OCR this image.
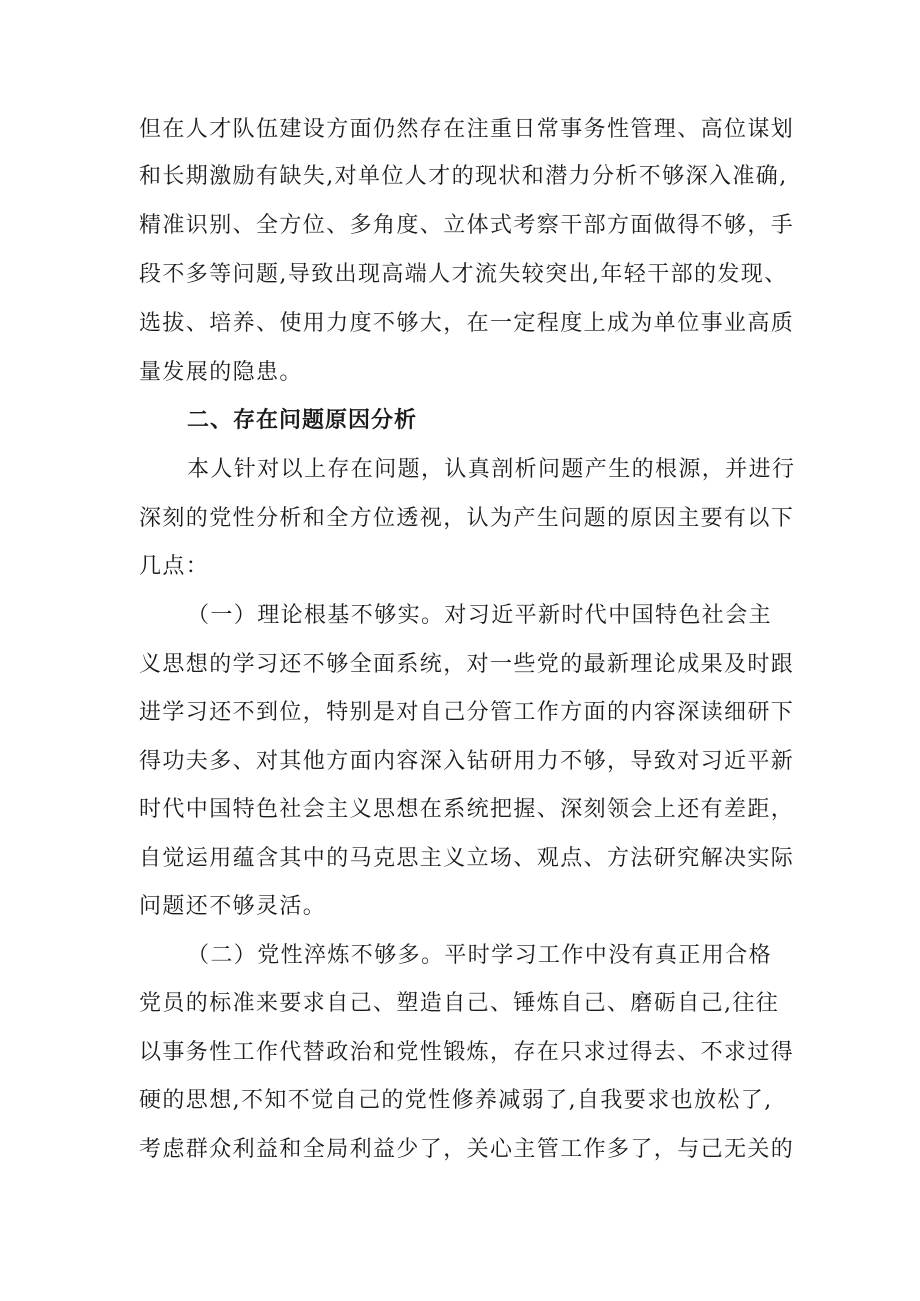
但在人才队伍建设方面仍然存在注重日常事务性管理、高位谋划
和长期激励有缺失,对单位人才的现状和潜力分析不够深入准确,
精准识别、全方位、多角度、立体式考察干部方面做得不够，手
段不多等问题,导致出现高端人才流失较突出,年轻干部的发现、
选拔、培养、使用力度不够大，在一定程度上成为单位事业高质
量发展的隐患。
二、存在问题原因分析
本人针对以上存在问题，认真剖析问题产生的根源，并进行
深刻的党性分析和全方位透视，认为产生问题的原因主要有以下
几点：
（一）理论根基不够实。对习近平新时代中国特色社会主
义思想的学习还不够全面系统，对一些党的最新理论成果及时跟
进学习还不到位，特别是对自己分管工作方面的内容深读细研下
得功夫多、对其他方面内容深入钻研用力不够，导致对习近平新
时代中国特色社会主义思想在系统把握、深刻领会上还有差距，
自觉运用蕴含其中的马克思主义立场、观点、方法研究解决实际
问题还不够灵活。
（二）党性淬炼不够多。平时学习工作中没有真正用合格
党员的标准来要求自己、塑造自己、锤炼自己、磨砺自己,往往
以事务性工作代替政治和党性锻炼，存在只求过得去、不求过得
硬的思想,不知不觉自己的党性修养减弱了,自我要求也放松了,
考虑群众利益和全局利益少了，关心主管工作多了，与己无关的
